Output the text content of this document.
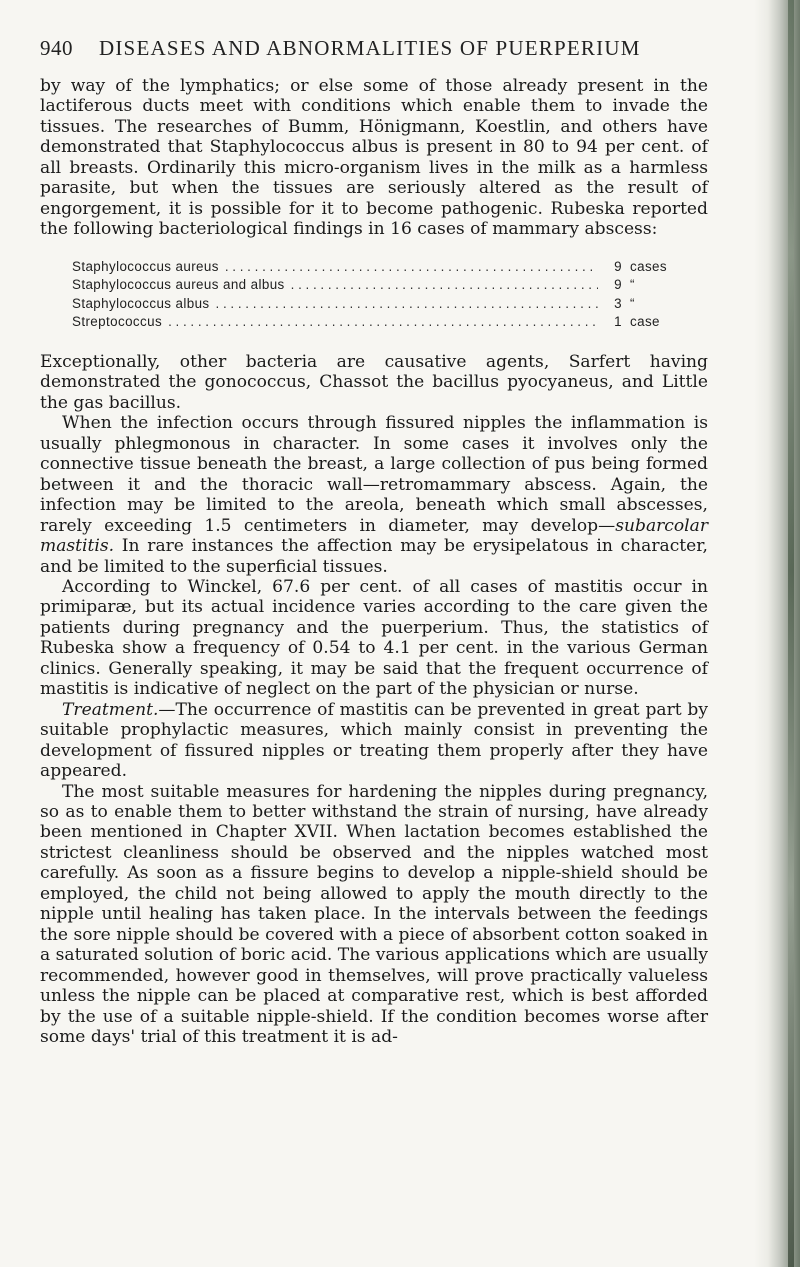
940 DISEASES AND ABNORMALITIES OF PUERPERIUM

by way of the lymphatics; or else some of those already present in the lactiferous ducts meet with conditions which enable them to invade the tissues. The researches of Bumm, Hönigmann, Koestlin, and others have demonstrated that Staphylococcus albus is present in 80 to 94 per cent. of all breasts. Ordinarily this micro-organism lives in the milk as a harmless parasite, but when the tissues are seriously altered as the result of engorgement, it is possible for it to become pathogenic. Rubeska reported the following bacteriological findings in 16 cases of mammary abscess:

Staphylococcus aureus . . .	9 cases
Staphylococcus aureus and albus . . .	9 “
Staphylococcus albus . . .	3 “
Streptococcus . . .	1 case

Exceptionally, other bacteria are causative agents, Sarfert having demonstrated the gonococcus, Chassot the bacillus pyocyaneus, and Little the gas bacillus.

When the infection occurs through fissured nipples the inflammation is usually phlegmonous in character. In some cases it involves only the connective tissue beneath the breast, a large collection of pus being formed between it and the thoracic wall—retromammary abscess. Again, the infection may be limited to the areola, beneath which small abscesses, rarely exceeding 1.5 centimeters in diameter, may develop—subarcolar mastitis. In rare instances the affection may be erysipelatous in character, and be limited to the superficial tissues.

According to Winckel, 67.6 per cent. of all cases of mastitis occur in primiparæ, but its actual incidence varies according to the care given the patients during pregnancy and the puerperium. Thus, the statistics of Rubeska show a frequency of 0.54 to 4.1 per cent. in the various German clinics. Generally speaking, it may be said that the frequent occurrence of mastitis is indicative of neglect on the part of the physician or nurse.

Treatment.—The occurrence of mastitis can be prevented in great part by suitable prophylactic measures, which mainly consist in preventing the development of fissured nipples or treating them properly after they have appeared.

The most suitable measures for hardening the nipples during pregnancy, so as to enable them to better withstand the strain of nursing, have already been mentioned in Chapter XVII. When lactation becomes established the strictest cleanliness should be observed and the nipples watched most carefully. As soon as a fissure begins to develop a nipple-shield should be employed, the child not being allowed to apply the mouth directly to the nipple until healing has taken place. In the intervals between the feedings the sore nipple should be covered with a piece of absorbent cotton soaked in a saturated solution of boric acid. The various applications which are usually recommended, however good in themselves, will prove practically valueless unless the nipple can be placed at comparative rest, which is best afforded by the use of a suitable nipple-shield. If the condition becomes worse after some days' trial of this treatment it is ad-
